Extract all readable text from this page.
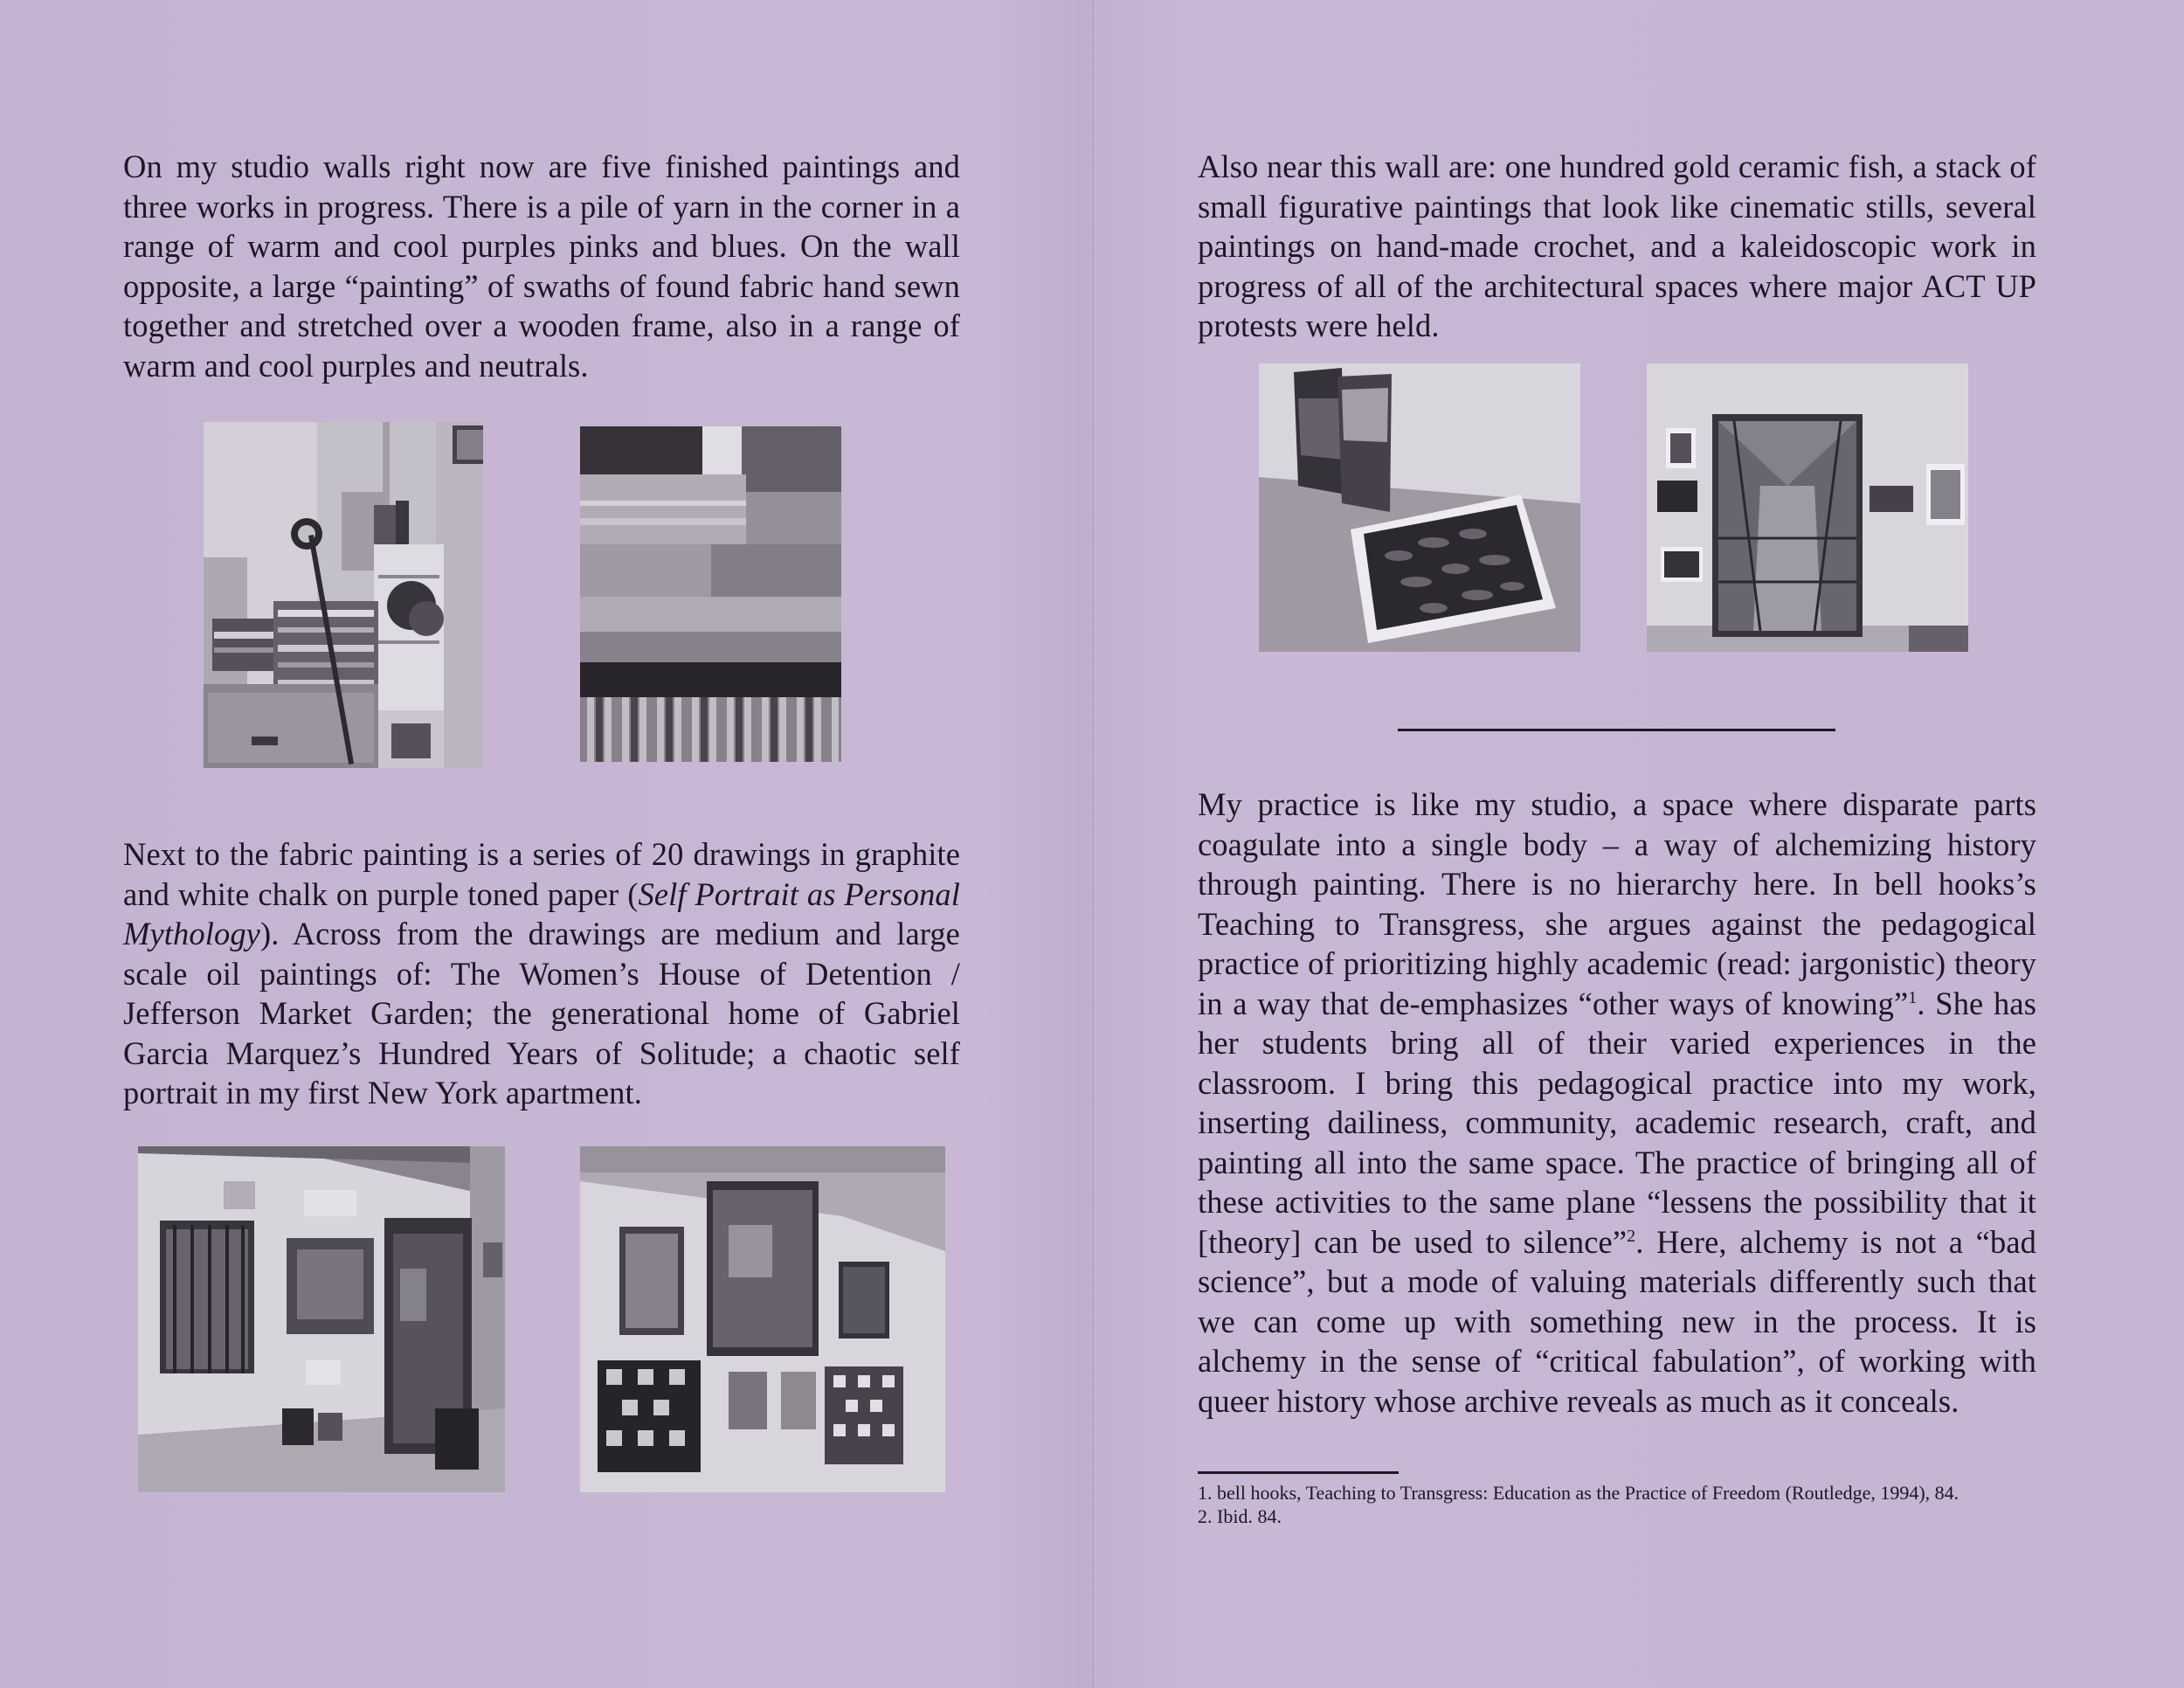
On my studio walls right now are five finished paintings and three works in progress. There is a pile of yarn in the corner in a range of warm and cool purples pinks and blues. On the wall opposite, a large “painting” of swaths of found fabric hand sewn together and stretched over a wooden frame, also in a range of warm and cool purples and neutrals.

Next to the fabric painting is a series of 20 drawings in graphite and white chalk on purple toned paper (Self Portrait as Personal Mythology). Across from the drawings are medium and large scale oil paintings of: The Women’s House of Detention / Jefferson Market Garden; the generational home of Gabriel Garcia Marquez’s Hundred Years of Solitude; a chaotic self portrait in my first New York apartment.

Also near this wall are: one hundred gold ceramic fish, a stack of small figurative paintings that look like cinematic stills, several paintings on hand-made crochet, and a kaleidoscopic work in progress of all of the architectural spaces where major ACT UP protests were held.

My practice is like my studio, a space where disparate parts coagulate into a single body – a way of alchemizing history through painting. There is no hierarchy here. In bell hooks’s Teaching to Transgress, she argues against the pedagogical practice of prioritizing highly academic (read: jargonistic) theory in a way that de-emphasizes “other ways of knowing”$^1$. She has her students bring all of their varied experiences in the classroom. I bring this pedagogical practice into my work, inserting dailiness, community, academic research, craft, and painting all into the same space. The practice of bringing all of these activities to the same plane “lessens the possibility that it [theory] can be used to silence”$^2$. Here, alchemy is not a “bad science”, but a mode of valuing materials differently such that we can come up with something new in the process. It is alchemy in the sense of “critical fabulation”, of working with queer history whose archive reveals as much as it conceals.

1. bell hooks, Teaching to Transgress: Education as the Practice of Freedom (Routledge, 1994), 84.

2. Ibid. 84.
